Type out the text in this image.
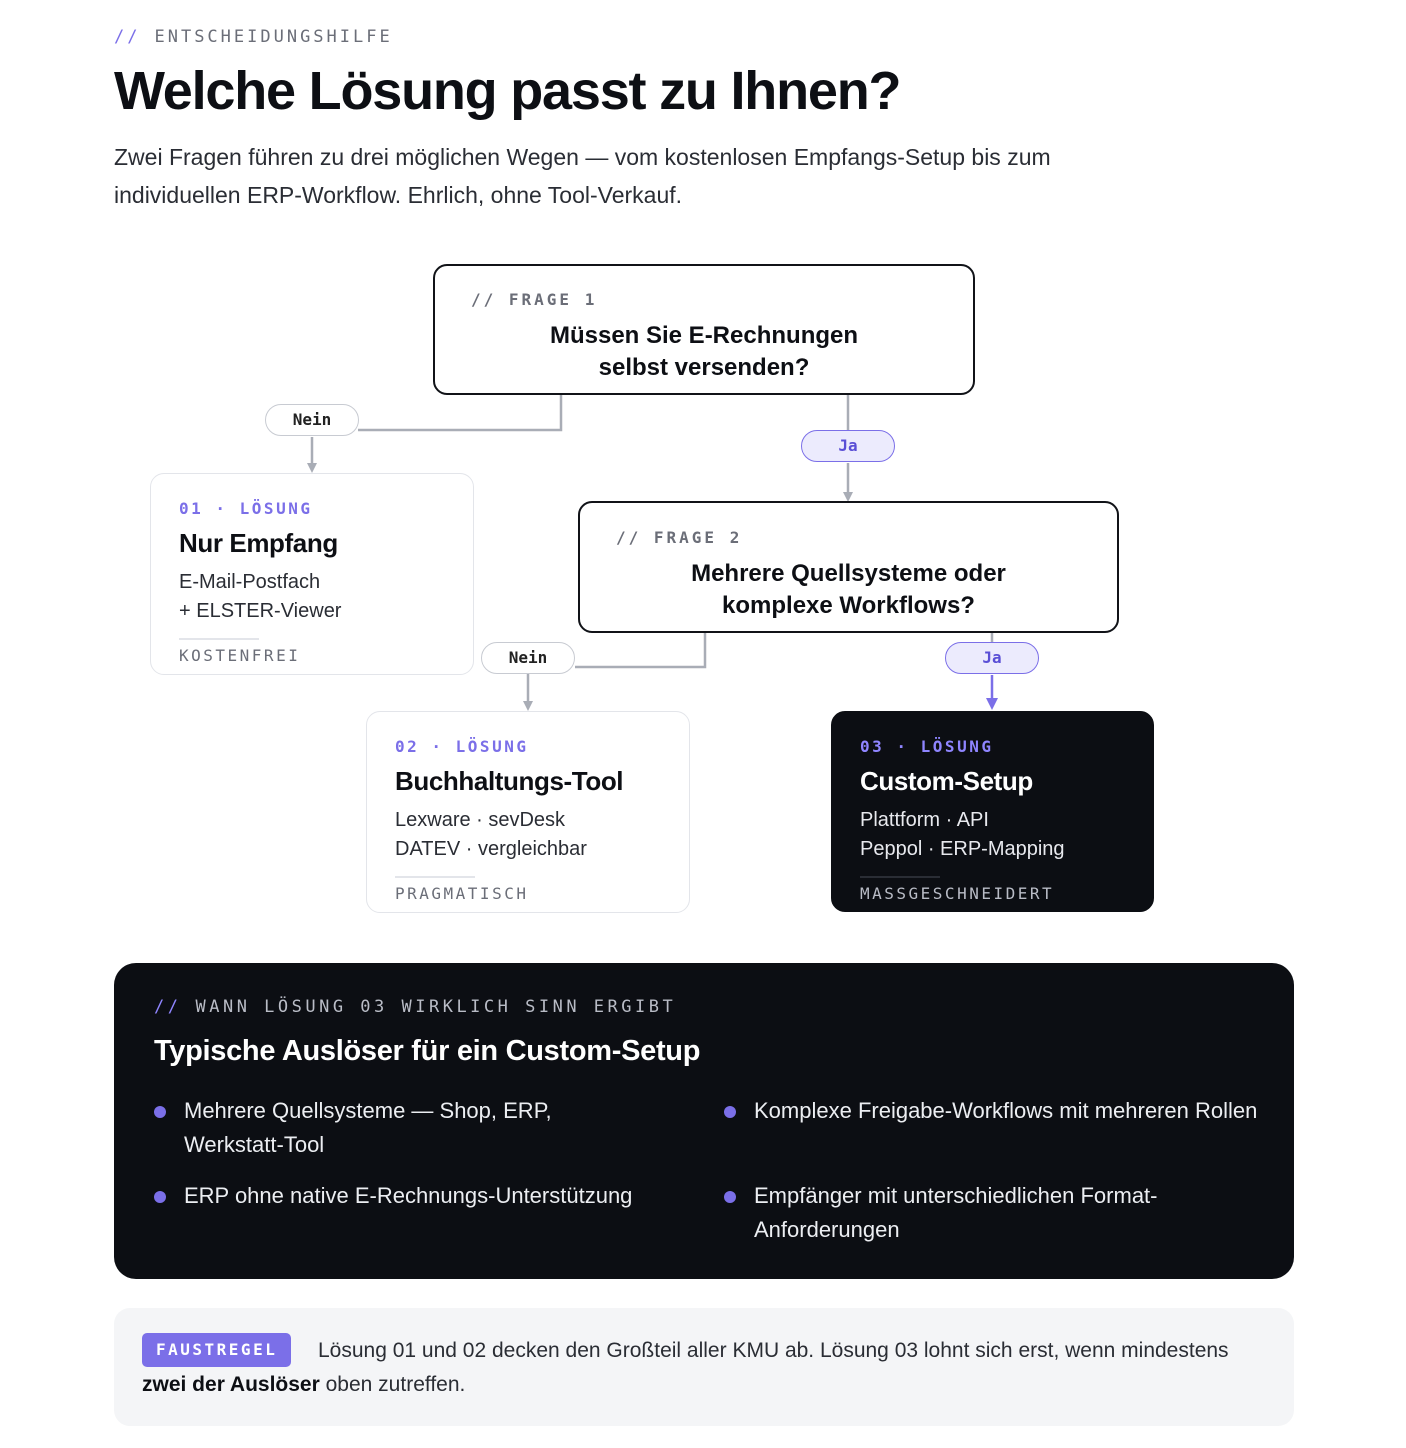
// ENTSCHEIDUNGSHILFE
Welche Lösung passt zu Ihnen?

Zwei Fragen führen zu drei möglichen Wegen — vom kostenlosen Empfangs-Setup bis zum individuellen ERP-Workflow. Ehrlich, ohne Tool-Verkauf.

// FRAGE 1
Müssen Sie E-Rechnungen
selbst versenden?
Nein
Ja
01 · LÖSUNG
Nur Empfang
E-Mail-Postfach
+ ELSTER-Viewer
KOSTENFREI
// FRAGE 2
Mehrere Quellsysteme oder
komplexe Workflows?
Nein	Ja
02 · LÖSUNG
Buchhaltungs-Tool
Lexware · sevDesk
DATEV · vergleichbar
PRAGMATISCH
03 · LÖSUNG
Custom-Setup
Plattform · API
Peppol · ERP-Mapping
MASSGESCHNEIDERT
// WANN LÖSUNG 03 WIRKLICH SINN ERGIBT
Typische Auslöser für ein Custom-Setup
Mehrere Quellsysteme — Shop, ERP, Werkstatt-Tool
Komplexe Freigabe-Workflows mit mehreren Rollen
ERP ohne native E-Rechnungs-Unterstützung	Empfänger mit unterschiedlichen Format-Anforderungen

Lösung 01 und 02 decken den Großteil aller KMU ab. Lösung 03 lohnt sich erst, wenn mindestens zwei der Auslöser oben zutreffen.

FAUSTREGEL
